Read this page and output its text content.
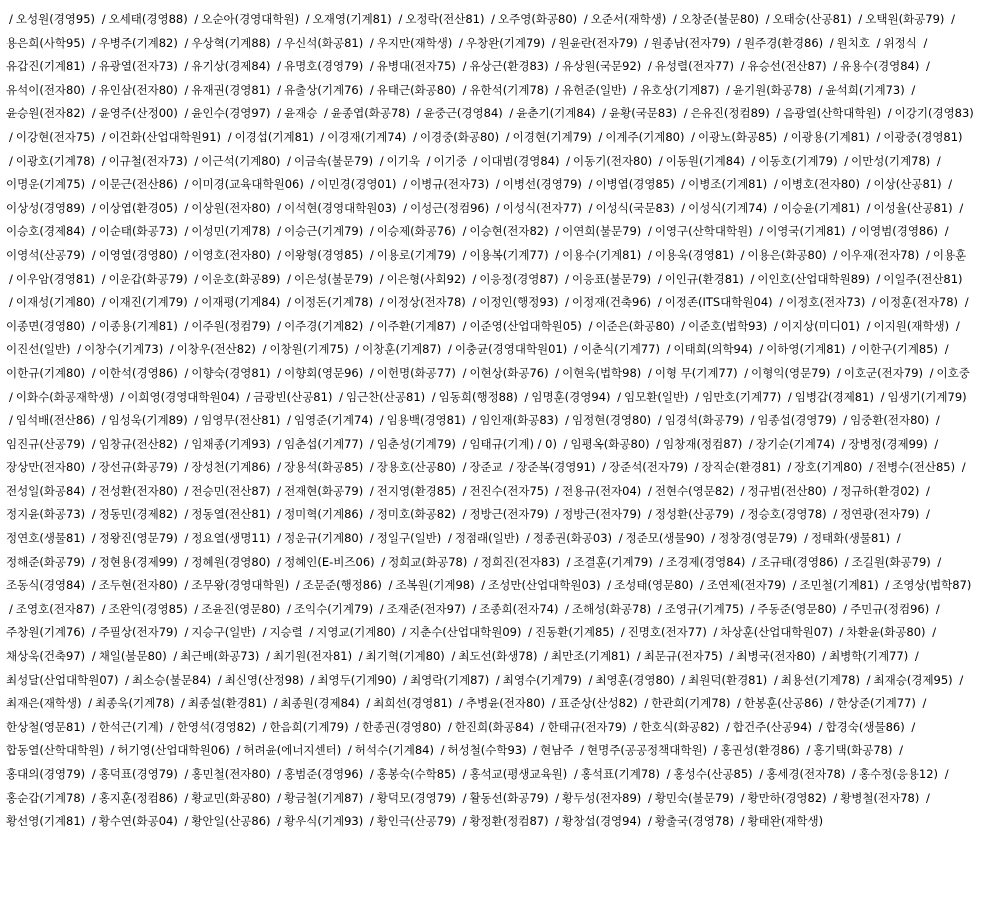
/ 오성원(경영95) / 오세태(경영88) / 오순아(경영대학원) / 오재영(기계81) / 오정락(전산81) / 오주영(화공80) / 오준서(재학생) / 오창준(불문80) / 오태숭(산공81) / 오택원(화공79) /용은희(사학95) / 우병주(기계82) / 우상혁(기계88) / 우신석(화공81) / 우지만(재학생) / 우창완(기계79) / 원윤란(전자79) / 원종남(전자79) / 원주경(환경86) / 원치호 / 위정식 /유갑진(기계81) / 유광열(전자73) / 유기상(경제84) / 유명호(경영79) / 유병대(전자75) / 유상근(환경83) / 유상원(국문92) / 유성렬(전자77) / 유승선(전산87) / 유용수(경영84) /유석이(전자80) / 유인삼(전자80) / 유재권(경영81) / 유출상(기계76) / 유태근(화공80) / 유한석(기계78) / 유헌준(일반) / 유호상(기계87) / 윤기원(화공78) / 윤석희(기계73) /윤승원(전자82) / 윤영주(산정00) / 윤인수(경영97) / 윤재승 / 윤종엽(화공78) / 윤중근(경영84) / 윤춘기(기계84) / 윤황(국문83) / 은유진(정컴89) / 음광열(산학대학원) / 이강기(경영83) / 이강현(전자75) / 이건화(산업대학원91) / 이경섭(기계81) / 이경재(기계74) / 이경중(화공80) / 이경현(기계79) / 이계주(기계80) / 이광노(화공85) / 이광용(기계81) / 이광중(경영81) / 이광호(기계78) / 이규철(전자73) / 이근석(기계80) / 이금속(불문79) / 이기욱 / 이기중 / 이대범(경영84) / 이동기(전자80) / 이동원(기계84) / 이동호(기계79) / 이만성(기계78) /이명운(기계75) / 이문근(전산86) / 이미경(교육대학원06) / 이민경(경영01) / 이병규(전자73) / 이병선(경영79) / 이병엽(경영85) / 이병조(기계81) / 이병호(전자80) / 이상(산공81) /이상성(경영89) / 이상엽(환경05) / 이상원(전자80) / 이석현(경영대학원03) / 이성근(정컴96) / 이성식(전자77) / 이성식(국문83) / 이성식(기계74) / 이승윤(기계81) / 이성율(산공81) /이승호(경제84) / 이순태(화공73) / 이성민(기계78) / 이승근(기계79) / 이승제(화공76) / 이승현(전자82) / 이연희(불문79) / 이영구(산학대학원) / 이영국(기계81) / 이영범(경영86) /이영석(산공79) / 이영열(경영80) / 이영호(전자80) / 이왕형(경영85) / 이용로(기계79) / 이용복(기계77) / 이용수(기계81) / 이용욱(경영81) / 이용은(화공80) / 이우재(전자78) / 이용훈 / 이우암(경영81) / 이운갑(화공79) / 이운호(화공89) / 이은성(불문79) / 이은형(사회92) / 이응정(경영87) / 이응표(불문79) / 이인규(환경81) / 이인호(산업대학원89) / 이일주(전산81) / 이재성(기계80) / 이재진(기계79) / 이재평(기계84) / 이정돈(기계78) / 이정상(전자78) / 이정인(행정93) / 이정재(건축96) / 이정존(ITS대학원04) / 이정호(전자73) / 이정훈(전자78) /이종면(경영80) / 이종용(기계81) / 이주원(정컴79) / 이주경(기계82) / 이주환(기계87) / 이준영(산업대학원05) / 이준은(화공80) / 이준호(법학93) / 이지상(미디01) / 이지원(재학생) /이진선(일반) / 이창수(기계73) / 이창우(전산82) / 이창원(기계75) / 이창훈(기계87) / 이충균(경영대학원01) / 이춘식(기계77) / 이태희(의학94) / 이하영(기계81) / 이한구(기계85) /이한규(기계80) / 이한석(경영86) / 이향숙(경영81) / 이향회(영문96) / 이헌명(화공77) / 이현상(화공76) / 이현욱(법학98) / 이형 무(기계77) / 이형익(영문79) / 이호군(전자79) / 이호중 / 이화수(화공재학생) / 이희영(경영대학원04) / 금광빈(산공81) / 임근찬(산공81) / 임동희(행정88) / 임명훈(경영94) / 임모환(일반) / 임만호(기계77) / 임병갑(경제81) / 임생기(기계79) / 임석배(전산86) / 임성욱(기계89) / 임영무(전산81) / 임영준(기계74) / 임용백(경영81) / 임인재(화공83) / 임정현(경영80) / 임경석(화공79) / 임종섭(경영79) / 임중환(전자80) /임진규(산공79) / 임창규(전산82) / 임채종(기계93) / 임춘섭(기계77) / 임춘성(기계79) / 임태규(기계) / 0) / 임평옥(화공80) / 임창재(정컴87) / 장기순(기계74) / 장병정(경제99) /장상만(전자80) / 장선규(화공79) / 장성천(기계86) / 장용석(화공85) / 장용호(산공80) / 장준교 / 장준복(경영91) / 장준석(전자79) / 장직순(환경81) / 장호(기계80) / 전병수(전산85) /전성일(화공84) / 전성환(전자80) / 전승민(전산87) / 전재현(화공79) / 전지영(환경85) / 전진수(전자75) / 전용규(전자04) / 전현수(영문82) / 정규범(전산80) / 정규하(환경02) /정지윤(화공73) / 정동민(경제82) / 정동열(전산81) / 정미혁(기계86) / 정미호(화공82) / 정방근(전자79) / 정방근(전자79) / 정성환(산공79) / 정승호(경영78) / 정연광(전자79) /정연호(생물81) / 정왕진(영문79) / 정요열(생명11) / 정운규(기계80) / 정일구(일반) / 정점래(일반) / 정종권(화공03) / 정준모(생물90) / 정창경(영문79) / 정태화(생물81) /정해준(화공79) / 정현용(경제99) / 정혜원(경영80) / 정혜인(E-비즈06) / 정희교(화공78) / 정희진(전자83) / 조결훈(기계79) / 조경제(경영84) / 조규태(경영86) / 조길원(화공79) /조동식(경영84) / 조두현(전자80) / 조무왕(경영대학원) / 조문준(행정86) / 조복원(기계98) / 조성만(산업대학원03) / 조성태(영문80) / 조연제(전자79) / 조민철(기계81) / 조영상(법학87) / 조영호(전자87) / 조완익(경영85) / 조윤진(영문80) / 조익수(기계79) / 조재준(전자97) / 조종희(전자74) / 조해성(화공78) / 조영규(기계75) / 주동준(영문80) / 주민규(정컴96) /주창원(기계76) / 주필상(전자79) / 지승구(일반) / 지승렬 / 지영교(기계80) / 지춘수(산업대학원09) / 진동환(기계85) / 진명호(전자77) / 차상훈(산업대학원07) / 차환윤(화공80) /채상욱(건축97) / 채일(불문80) / 최근배(화공73) / 최기원(전자81) / 최기혁(기계80) / 최도선(화생78) / 최만조(기계81) / 최문규(전자75) / 최병국(전자80) / 최병학(기계77) /최성달(산업대학원07) / 최소승(불문84) / 최신영(산정98) / 최영두(기계90) / 최영락(기계87) / 최영수(기계79) / 최영훈(경영80) / 최원덕(환경81) / 최용선(기계78) / 최재승(경제95) /최재은(재학생) / 최종욱(기계78) / 최종설(환경81) / 최종원(경제84) / 최희선(경영81) / 추병윤(전자80) / 표준상(산성82) / 한관희(기계78) / 한봉훈(산공86) / 한상준(기계77) /한상철(영문81) / 한석근(기계) / 한영석(경영82) / 한음희(기계79) / 한종권(경영80) / 한진희(화공84) / 한태규(전자79) / 한호식(화공82) / 합건주(산공94) / 합경숙(생물86) /합동열(산학대학원) / 허기영(산업대학원06) / 허려윤(에너지센터) / 허석수(기계84) / 허성철(수학93) / 현남주 / 현명주(공공정책대학원) / 홍권성(환경86) / 홍기택(화공78) /홍대의(경영79) / 홍덕표(경영79) / 홍민철(전자80) / 홍범준(경영96) / 홍봉숙(수학85) / 홍석교(평생교육원) / 홍석표(기계78) / 홍성수(산공85) / 홍세경(전자78) / 홍수정(응용12) /홍순갑(기계78) / 홍지훈(정컴86) / 황교민(화공80) / 황금철(기계87) / 황덕모(경영79) / 활동선(화공79) / 황두성(전자89) / 황민숙(불문79) / 황만하(경영82) / 황병철(전자78) /황선영(기계81) / 황수연(화공04) / 황안일(산공86) / 황우식(기계93) / 황인극(산공79) / 황정환(정컴87) / 황창섭(경영94) / 황출국(경영78) / 황태완(재학생)
